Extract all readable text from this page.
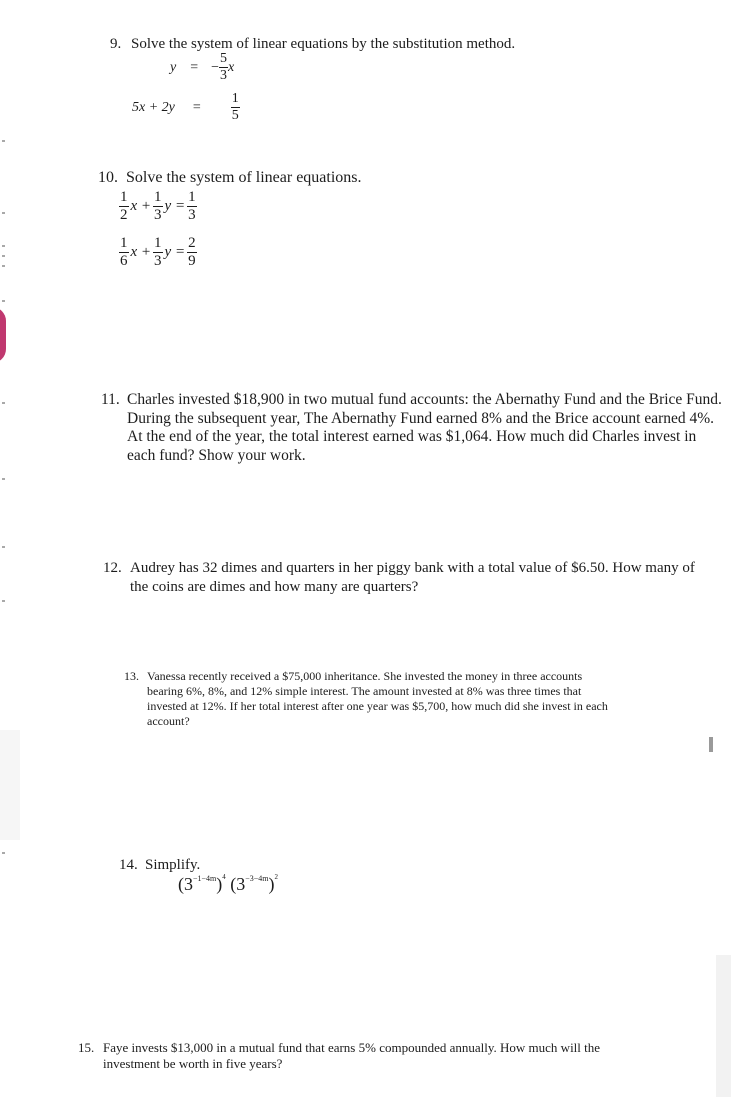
9. Solve the system of linear equations by the substitution method.
y = − $\frac{5}{3}$ x
$5x + 2y = \frac{1}{5}$
10. Solve the system of linear equations.
$\frac{1}{2}$ $x + \frac{1}{3}$ $y = \frac{1}{3}$
$\frac{1}{6}$ $x + \frac{1}{3}$ $y = \frac{2}{9}$
11. Charles invested $18,900 in two mutual fund accounts: the Abernathy Fund and the Brice Fund. During the subsequent year, The Abernathy Fund earned 8% and the Brice account earned 4%. At the end of the year, the total interest earned was $1,064. How much did Charles invest in each fund? Show your work.
12. Audrey has 32 dimes and quarters in her piggy bank with a total value of $6.50. How many of the coins are dimes and how many are quarters?
13. Vanessa recently received a $75,000 inheritance. She invested the money in three accounts bearing 6%, 8%, and 12% simple interest. The amount invested at 8% was three times that invested at 12%. If her total interest after one year was $5,700, how much did she invest in each account?
14. Simplify.
$(3^{-1-4m})^4$ $(3^{-3-4m})^2$
15. Faye invests $13,000 in a mutual fund that earns 5% compounded annually. How much will the investment be worth in five years?
